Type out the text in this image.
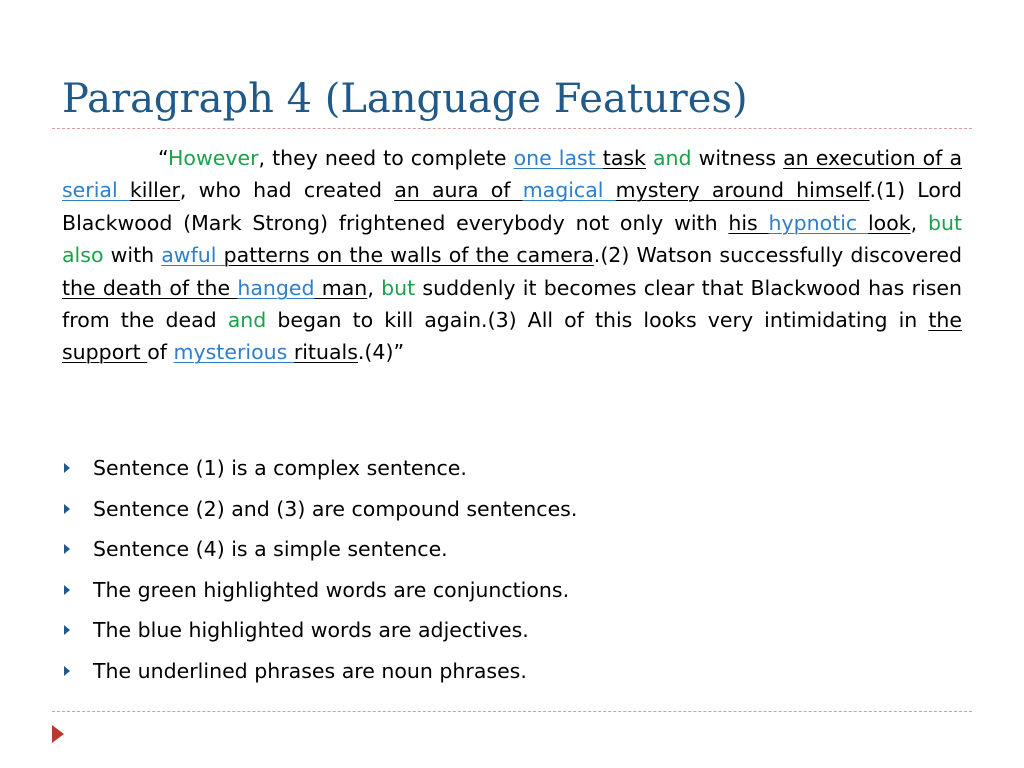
Paragraph 4 (Language Features)
“However, they need to complete one last task and witness an execution of a serial killer, who had created an aura of magical mystery around himself.(1) Lord Blackwood (Mark Strong) frightened everybody not only with his hypnotic look, but also with awful patterns on the walls of the camera.(2) Watson successfully discovered the death of the hanged man, but suddenly it becomes clear that Blackwood has risen from the dead and began to kill again.(3) All of this looks very intimidating in the support of mysterious rituals.(4)”
Sentence (1) is a complex sentence.
Sentence (2) and (3) are compound sentences.
Sentence (4) is a simple sentence.
The green highlighted words are conjunctions.
The blue highlighted words are adjectives.
The underlined phrases are noun phrases.
